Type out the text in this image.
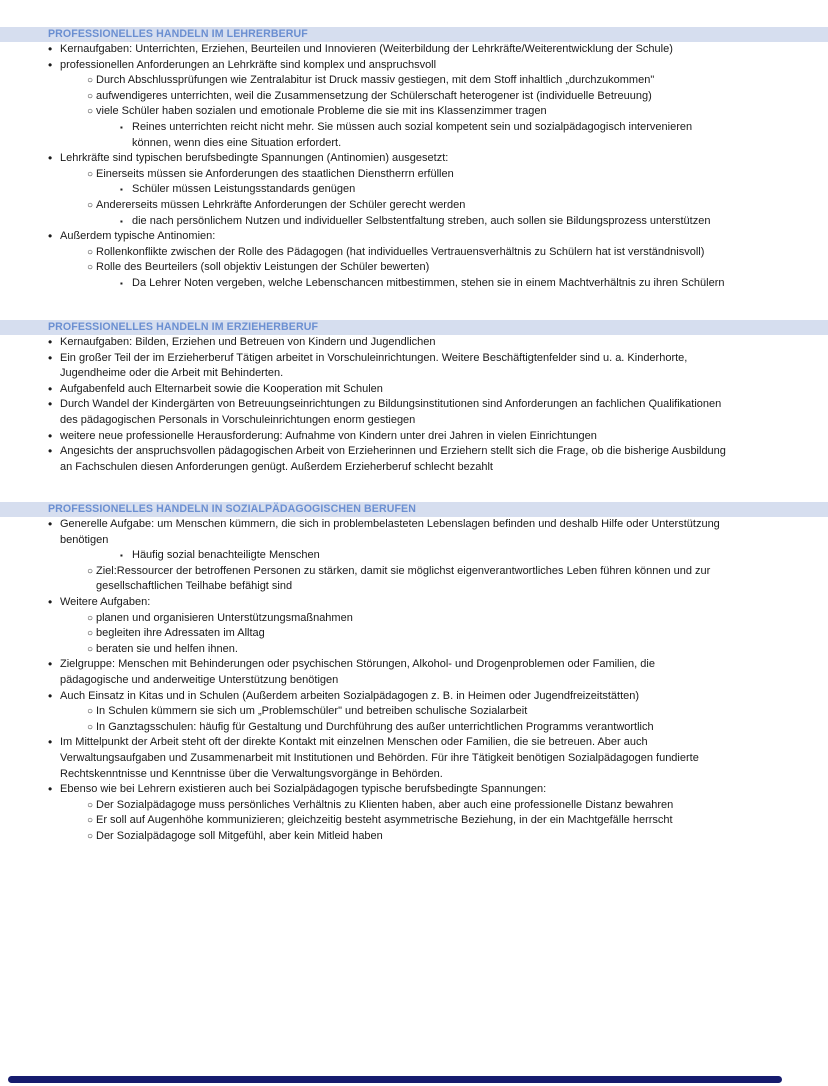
PROFESSIONELLES HANDELN IM LEHRERBERUF
• Kernaufgaben: Unterrichten, Erziehen, Beurteilen und Innovieren (Weiterbildung der Lehrkräfte/Weiterentwicklung der Schule)
• professionellen Anforderungen an Lehrkräfte sind komplex und anspruchsvoll
○ Durch Abschlussprüfungen wie Zentralabitur ist Druck massiv gestiegen, mit dem Stoff inhaltlich „durchzukommen"
○ aufwendigeres unterrichten, weil die Zusammensetzung der Schülerschaft heterogener ist (individuelle Betreuung)
○ viele Schüler haben sozialen und emotionale Probleme die sie mit ins Klassenzimmer tragen
▪ Reines unterrichten reicht nicht mehr. Sie müssen auch sozial kompetent sein und sozialpädagogisch intervenieren
können, wenn dies eine Situation erfordert.
• Lehrkräfte sind typischen berufsbedingte Spannungen (Antinomien) ausgesetzt:
○ Einerseits müssen sie Anforderungen des staatlichen Dienstherrn erfüllen
▪ Schüler müssen Leistungsstandards genügen
○ Andererseits müssen Lehrkräfte Anforderungen der Schüler gerecht werden
▪ die nach persönlichem Nutzen und individueller Selbstentfaltung streben, auch sollen sie Bildungsprozess unterstützen
• Außerdem typische Antinomien:
○ Rollenkonflikte zwischen der Rolle des Pädagogen (hat individuelles Vertrauensverhältnis zu Schülern hat ist verständnisvoll)
○ Rolle des Beurteilers (soll objektiv Leistungen der Schüler bewerten)
▪ Da Lehrer Noten vergeben, welche Lebenschancen mitbestimmen, stehen sie in einem Machtverhältnis zu ihren Schülern
PROFESSIONELLES HANDELN IM ERZIEHERBERUF
• Kernaufgaben: Bilden, Erziehen und Betreuen von Kindern und Jugendlichen
• Ein großer Teil der im Erzieherberuf Tätigen arbeitet in Vorschuleinrichtungen. Weitere Beschäftigtenfelder sind u. a. Kinderhorte,
Jugendheime oder die Arbeit mit Behinderten.
• Aufgabenfeld auch Elternarbeit sowie die Kooperation mit Schulen
• Durch Wandel der Kindergärten von Betreuungseinrichtungen zu Bildungsinstitutionen sind Anforderungen an fachlichen Qualifikationen
des pädagogischen Personals in Vorschuleinrichtungen enorm gestiegen
• weitere neue professionelle Herausforderung: Aufnahme von Kindern unter drei Jahren in vielen Einrichtungen
• Angesichts der anspruchsvollen pädagogischen Arbeit von Erzieherinnen und Erziehern stellt sich die Frage, ob die bisherige Ausbildung
an Fachschulen diesen Anforderungen genügt. Außerdem Erzieherberuf schlecht bezahlt
PROFESSIONELLES HANDELN IN SOZIALPÄDAGOGISCHEN BERUFEN
• Generelle Aufgabe: um Menschen kümmern, die sich in problembelasteten Lebenslagen befinden und deshalb Hilfe oder Unterstützung
benötigen
▪ Häufig sozial benachteiligte Menschen
○ Ziel:Ressourcer der betroffenen Personen zu stärken, damit sie möglichst eigenverantwortliches Leben führen können und zur
gesellschaftlichen Teilhabe befähigt sind
• Weitere Aufgaben:
○ planen und organisieren Unterstützungsmaßnahmen
○ begleiten ihre Adressaten im Alltag
○ beraten sie und helfen ihnen.
• Zielgruppe: Menschen mit Behinderungen oder psychischen Störungen, Alkohol- und Drogenproblemen oder Familien, die
pädagogische und anderweitige Unterstützung benötigen
• Auch Einsatz in Kitas und in Schulen (Außerdem arbeiten Sozialpädagogen z. B. in Heimen oder Jugendfreizeitstätten)
○ In Schulen kümmern sie sich um „Problemschüler" und betreiben schulische Sozialarbeit
○ In Ganztagsschulen: häufig für Gestaltung und Durchführung des außer unterrichtlichen Programms verantwortlich
• Im Mittelpunkt der Arbeit steht oft der direkte Kontakt mit einzelnen Menschen oder Familien, die sie betreuen. Aber auch
Verwaltungsaufgaben und Zusammenarbeit mit Institutionen und Behörden. Für ihre Tätigkeit benötigen Sozialpädagogen fundierte
Rechtskenntnisse und Kenntnisse über die Verwaltungsvorgänge in Behörden.
• Ebenso wie bei Lehrern existieren auch bei Sozialpädagogen typische berufsbedingte Spannungen:
○ Der Sozialpädagoge muss persönliches Verhältnis zu Klienten haben, aber auch eine professionelle Distanz bewahren
○ Er soll auf Augenhöhe kommunizieren; gleichzeitig besteht asymmetrische Beziehung, in der ein Machtgefälle herrscht
○ Der Sozialpädagoge soll Mitgefühl, aber kein Mitleid haben
